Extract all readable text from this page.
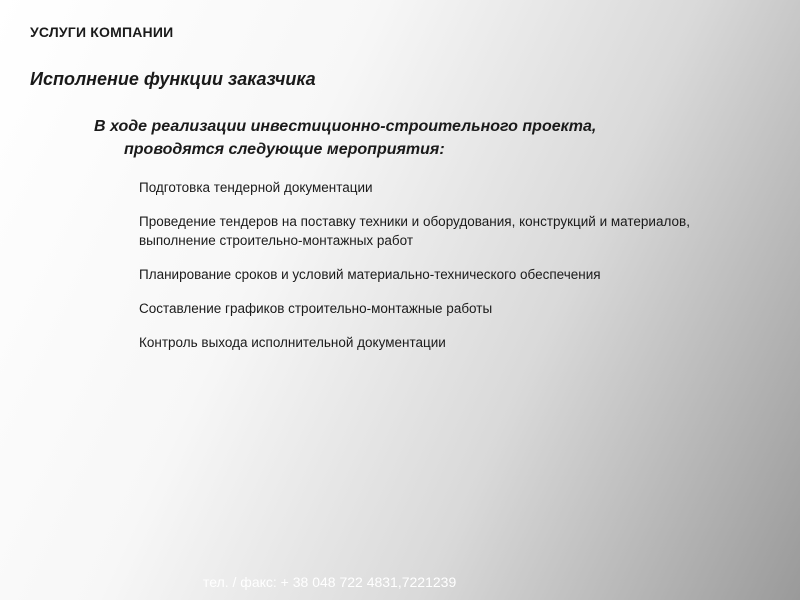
УСЛУГИ КОМПАНИИ
Исполнение функции заказчика
В ходе реализации инвестиционно-строительного проекта,
проводятся следующие мероприятия:
Подготовка тендерной документации
Проведение тендеров на поставку техники и оборудования, конструкций и материалов, выполнение строительно-монтажных работ
Планирование сроков и условий материально-технического обеспечения
Составление графиков строительно-монтажные работы
Контроль выхода исполнительной документации
тел. / факс: + 38 048 722 4831,7221239
